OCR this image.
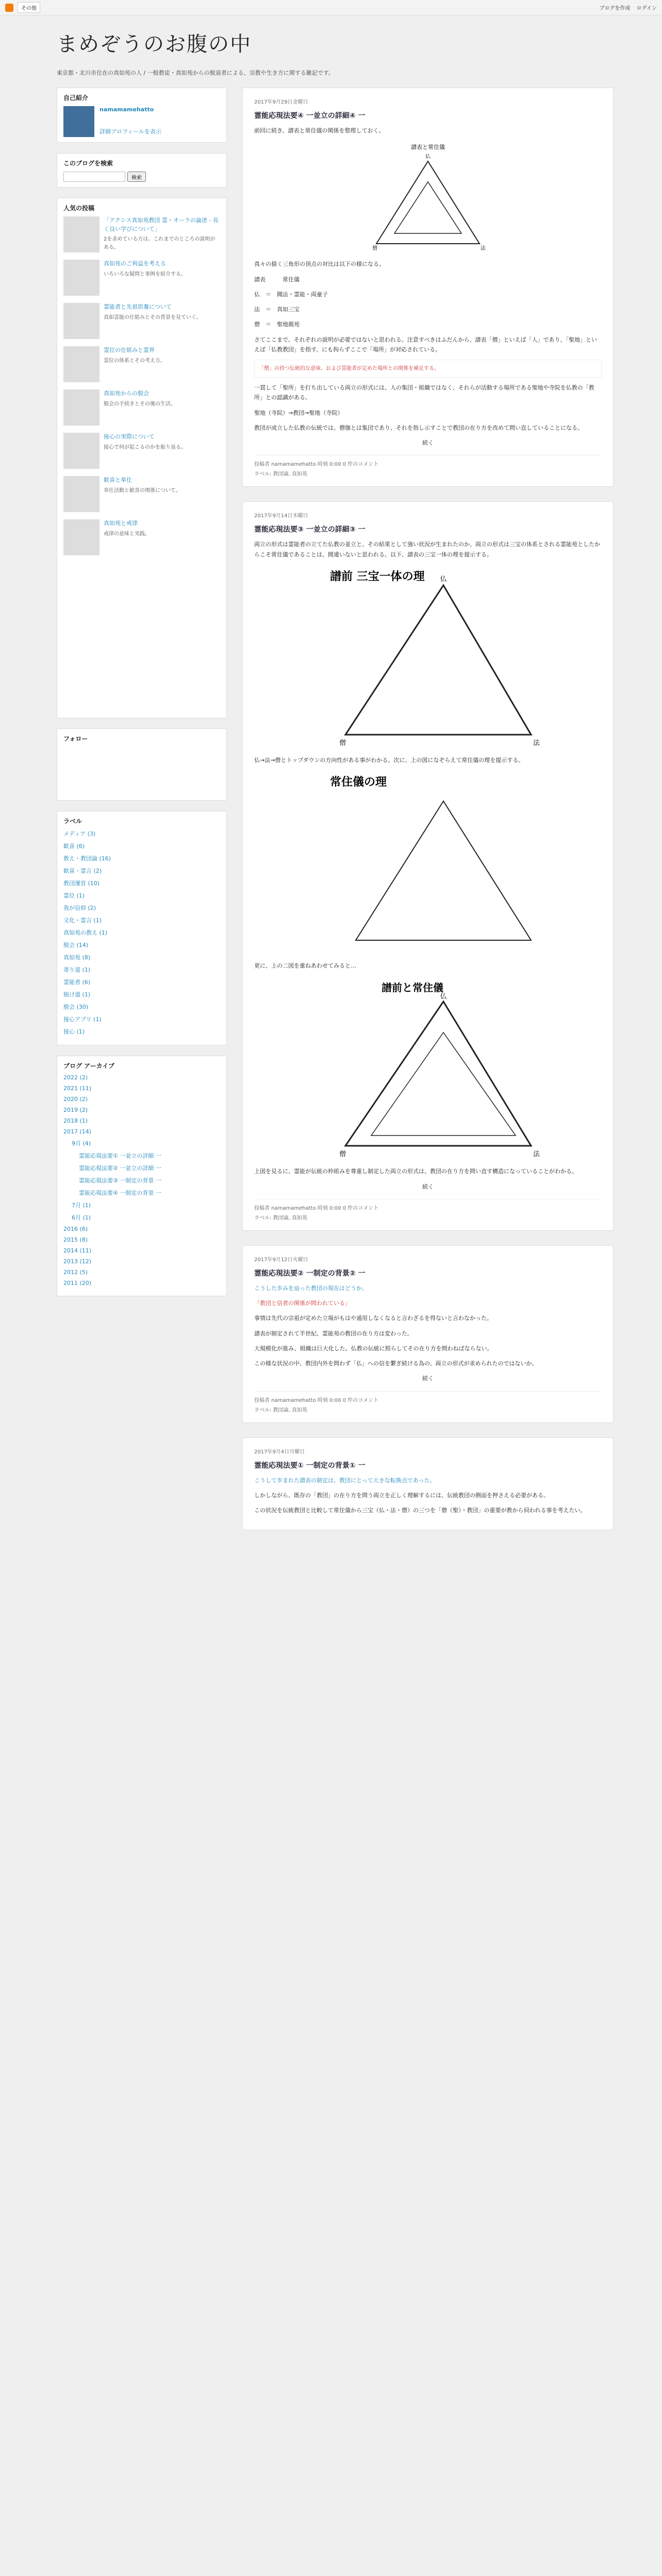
その他	ブログを作成 ログイン
まめぞうのお腹の中
東京都・北川市住在の真如苑の人 / 一般教徒・真如苑からの脱退者による、宗教や生き方に関する雑記です。
自己紹介
namamamehatto
詳細プロフィールを表示
このブログを検索
検索
人気の投稿
「アクシス真如苑教団 霊・オーラの論述 - 長く良い学びについて」
2を求めている方は、これまでのところの説明がある。
真如苑のご利益を考える
いろいろな疑問と事例を紹介する。
霊能者と先祖供養について
真如霊能の仕組みとその背景を見ていく。
霊位の仕組みと霊界
霊位の体系とその考え方。
真如苑からの脱会
脱会の手続きとその後の生活。
接心の実際について
接心で何が起こるのかを振り返る。
歓喜と奉仕
奉仕活動と歓喜の関係について。
真如苑と戒律
戒律の意味と実践。
フォロー
ラベル
メディア (3)
歓喜 (6)
教え・教団論 (16)
歓喜・霊言 (2)
教団運営 (10)
霊位 (1)
我が信仰 (2)
文化・霊言 (1)
真如苑の教え (1)
脱会 (14)
真如苑 (8)
寄り道 (1)
霊能者 (6)
脱け道 (1)
脱会 (30)
接心アプリ (1)
接心 (1)
ブログ アーカイブ
2022 (2)
2021 (11)
2020 (2)
2019 (2)
2018 (1)
2017 (14)
9月 (4)
霊能応現法要① 一並立の詳細 一
霊能応現法要② 一並立の詳細 一
霊能応現法要③ 一制定の背景 一
霊能応現法要④ 一制定の背景 一
7月 (1)
6月 (1)
2016 (6)
2015 (8)
2014 (11)
2013 (12)
2012 (5)
2011 (20)
2017年9月29日金曜日
霊能応現法要④ 一並立の詳細④ 一

前回に続き、譜表と常住儀の関係を整理しておく。

譜表と常住儀
仏
僧	法

真々の描く三角形の頂点の対比は以下の様になる。

譜表　　　常住儀

仏　＝　聞法・霊能・両童子

法　＝　真如三宝

僧　＝　聖地親苑

さてここまで、それぞれの説明が必要ではないと思われる。注意すべきはふだんから、譜表「僧」といえば「人」であり、「聖地」といえば「仏教教団」を指す。にも拘らずここで「場所」が対応されている。

「僧」の持つ伝統的な意味、および霊能者が定めた場所との関係を補足する。

一貫して「聖所」を打ち出している両立の形式には、人の集団・組織ではなく、それらが活動する場所である聖地や寺院を仏教の「教所」との認識がある。

聖地（寺院）→教団→聖地（寺院）

教団が成立した仏教の伝統では、僧伽とは集団であり、それを指し示すことで教団の在り方を改めて問い直していることになる。

続く

投稿者 namamamehatto 時刻 0:00 0 件のコメント
ラベル: 教団論, 真如苑
2017年9月14日木曜日
霊能応現法要③ 一並立の詳細③ 一

両立の形式は霊能者の立てた仏教の並立と、その結果として強い状況が生まれたのか、両立の形式は三宝の体系とされる霊能苑としたからこそ常住儀であることは、間違いないと思われる。以下、譜表の三宝一体の理を提示する。

譜前 三宝一体の理 仏
僧	法

仏→法→僧とトップダウンの方向性がある事がわかる。次に、上の図になぞらえて常住儀の理を提示する。

常住儀の理

更に、上の二図を重ねあわせてみると…

譜前と常住儀
仏
僧	法

上図を見るに、霊能が伝統の枠組みを尊重し制定した両立の形式は、教団の在り方を問い直す構造になっていることがわかる。

続く

投稿者 namamamehatto 時刻 0:00 0 件のコメント
ラベル: 教団論, 真如苑
2017年9月12日火曜日
霊能応現法要② 一制定の背景② 一

こうした歩みを辿った教団の現在はどうか。

「教団と信者の関係が問われている」

事情は先代の宗祖が定めた立場がもはや通用しなくなると言わざるを得ないと言わなかった。

譜表が制定されて半世紀、霊能苑の教団の在り方は変わった。

大規模化が進み、組織は巨大化した。仏教の伝統に照らしてその在り方を問わねばならない。

この様な状況の中、教団内外を問わず「仏」への信を繋ぎ続ける為の、両立の形式が求められたのではないか。

続く

投稿者 namamamehatto 時刻 0:00 0 件のコメント
ラベル: 教団論, 真如苑
2017年9月4日月曜日
霊能応現法要① 一制定の背景① 一

こうして歩まれた譜表の制定は、教団にとって大きな転換点であった。

しかしながら、既存の「教団」の在り方を問う両立を正しく理解するには、伝統教団の側面を押さえる必要がある。

この状況を伝統教団と比較して常住儀から三宝（仏・法・僧）の三つを「僧（聖）・教団」の重要が教から伺われる事を考えたい。
